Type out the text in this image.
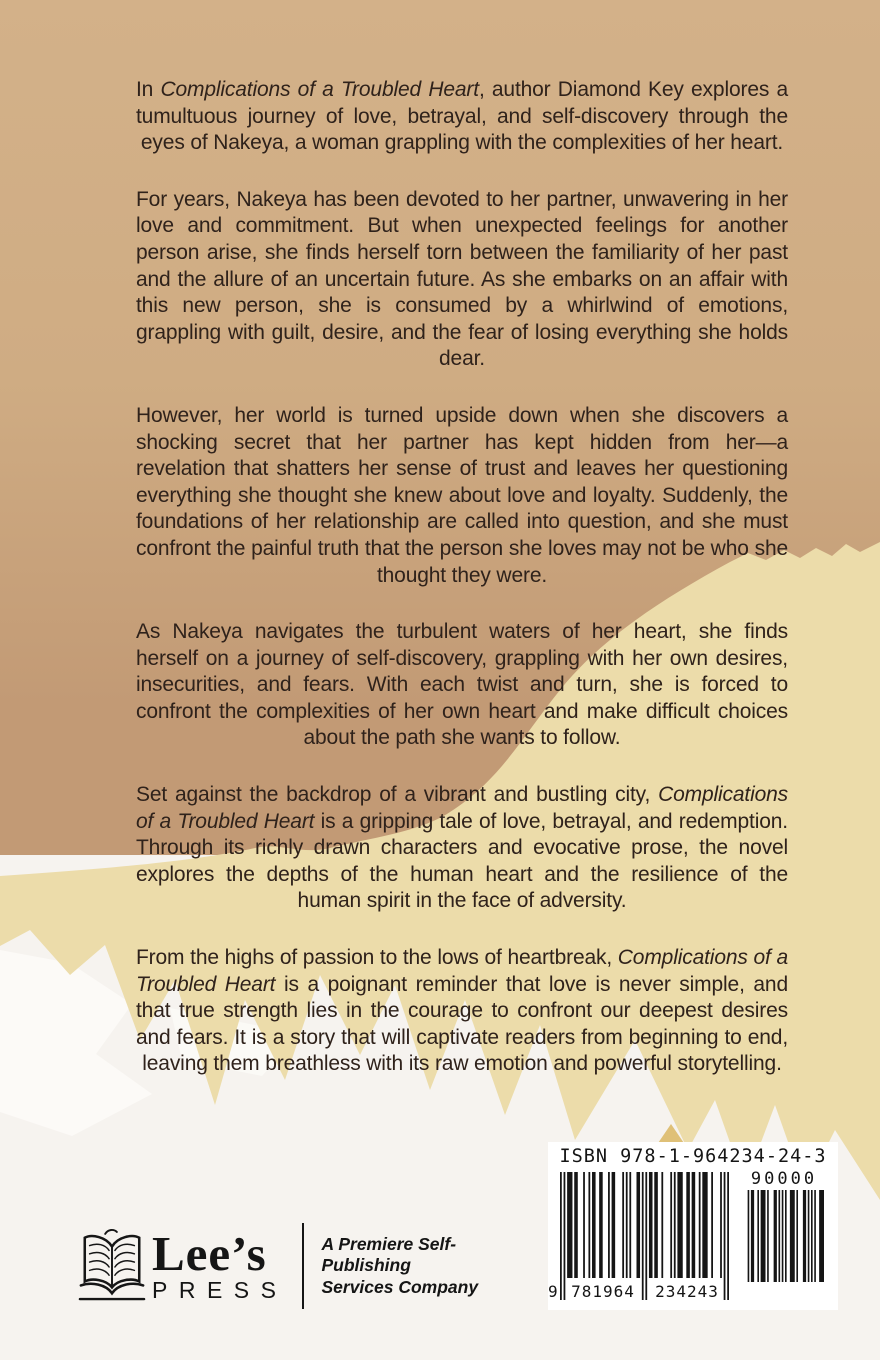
In Complications of a Troubled Heart, author Diamond Key explores a tumultuous journey of love, betrayal, and self-discovery through the eyes of Nakeya, a woman grappling with the complexities of her heart.

For years, Nakeya has been devoted to her partner, unwavering in her love and commitment. But when unexpected feelings for another person arise, she finds herself torn between the familiarity of her past and the allure of an uncertain future. As she embarks on an affair with this new person, she is consumed by a whirlwind of emotions, grappling with guilt, desire, and the fear of losing everything she holds dear.

However, her world is turned upside down when she discovers a shocking secret that her partner has kept hidden from her—a revelation that shatters her sense of trust and leaves her questioning everything she thought she knew about love and loyalty. Suddenly, the foundations of her relationship are called into question, and she must confront the painful truth that the person she loves may not be who she thought they were.

As Nakeya navigates the turbulent waters of her heart, she finds herself on a journey of self-discovery, grappling with her own desires, insecurities, and fears. With each twist and turn, she is forced to confront the complexities of her own heart and make difficult choices about the path she wants to follow.

Set against the backdrop of a vibrant and bustling city, Complications of a Troubled Heart is a gripping tale of love, betrayal, and redemption. Through its richly drawn characters and evocative prose, the novel explores the depths of the human heart and the resilience of the human spirit in the face of adversity.

From the highs of passion to the lows of heartbreak, Complications of a Troubled Heart is a poignant reminder that love is never simple, and that true strength lies in the courage to confront our deepest desires and fears. It is a story that will captivate readers from beginning to end, leaving them breathless with its raw emotion and powerful storytelling.

ISBN 978-1-964234-24-3
9 781964 234243
90000
Lee’s
PRESS
A Premiere Self-Publishing
Services Company
